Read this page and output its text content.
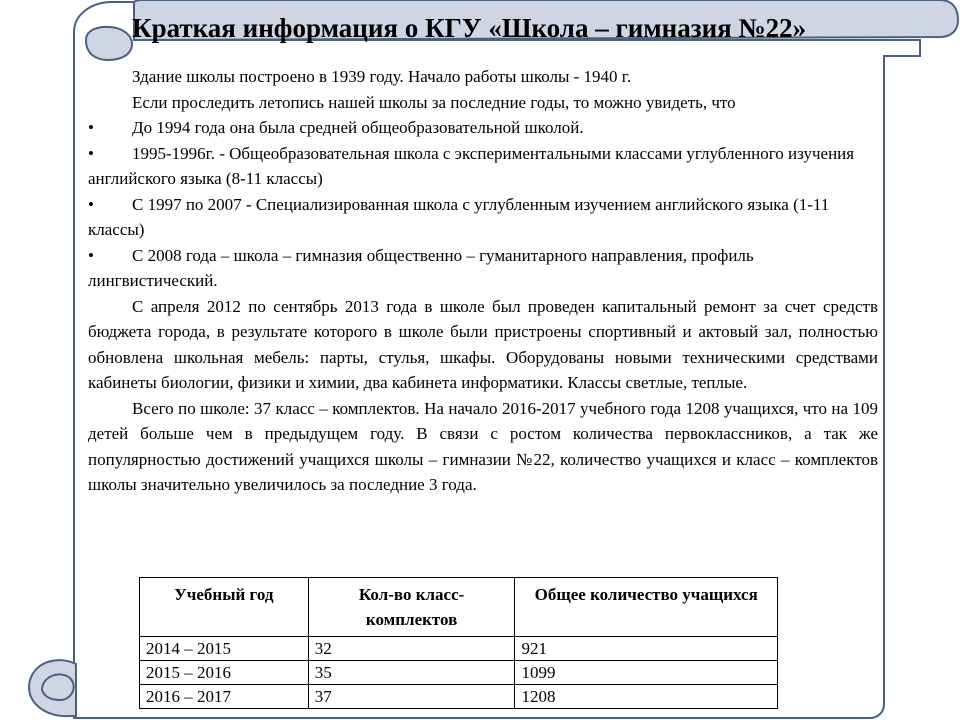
Краткая информация о КГУ «Школа – гимназия №22»

Здание школы построено в 1939 году. Начало работы школы - 1940 г.

Если проследить летопись нашей школы за последние годы, то можно увидеть, что

• До 1994 года она была средней общеобразовательной школой.

• 1995-1996г. - Общеобразовательная школа с экспериментальными классами углубленного изучения английского языка (8-11 классы)

• С 1997 по 2007 - Специализированная школа с углубленным изучением английского языка (1-11 классы)

• С 2008 года – школа – гимназия общественно – гуманитарного направления, профиль лингвистический.

С апреля 2012 по сентябрь 2013 года в школе был проведен капитальный ремонт за счет средств бюджета города, в результате которого в школе были пристроены спортивный и актовый зал, полностью обновлена школьная мебель: парты, стулья, шкафы. Оборудованы новыми техническими средствами кабинеты биологии, физики и химии, два кабинета информатики. Классы светлые, теплые.

Всего по школе: 37 класс – комплектов. На начало 2016-2017 учебного года 1208 учащихся, что на 109 детей больше чем в предыдущем году. В связи с ростом количества первоклассников, а так же популярностью достижений учащихся школы – гимназии №22, количество учащихся и класс – комплектов школы значительно увеличилось за последние 3 года.

Учебный год	Кол-во класс-комплектов	Общее количество учащихся
2014 – 2015	32	921
2015 – 2016	35	1099
2016 – 2017	37	1208
